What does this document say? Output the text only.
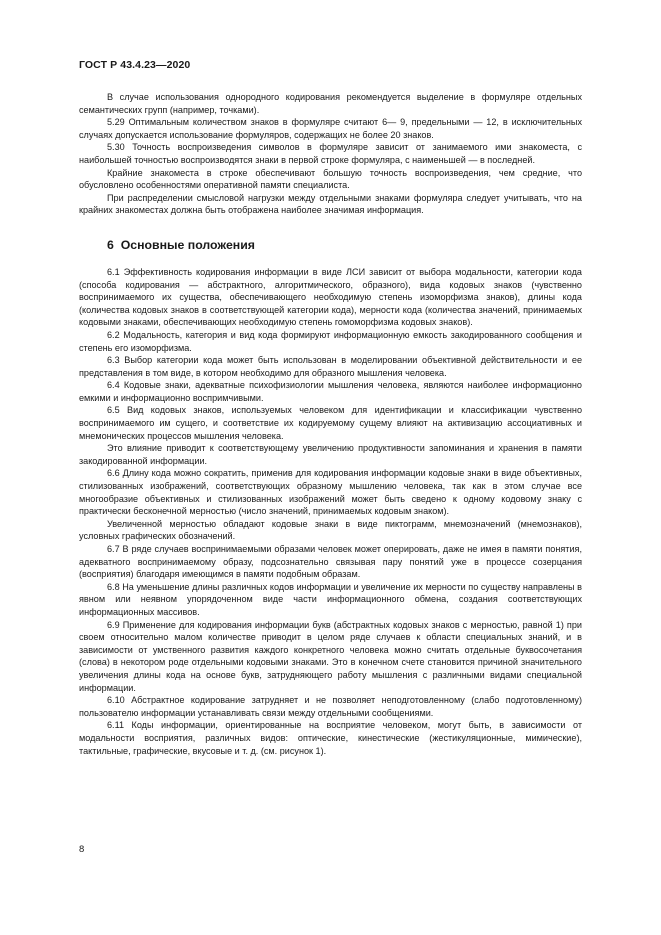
ГОСТ Р 43.4.23—2020

В случае использования однородного кодирования рекомендуется выделение в формуляре отдельных семантических групп (например, точками).

5.29 Оптимальным количеством знаков в формуляре считают 6— 9, предельными — 12, в исключительных случаях допускается использование формуляров, содержащих не более 20 знаков.

5.30 Точность воспроизведения символов в формуляре зависит от занимаемого ими знакоместа, с наибольшей точностью воспроизводятся знаки в первой строке формуляра, с наименьшей — в последней.

Крайние знакоместа в строке обеспечивают большую точность воспроизведения, чем средние, что обусловлено особенностями оперативной памяти специалиста.

При распределении смысловой нагрузки между отдельными знаками формуляра следует учитывать, что на крайних знакоместах должна быть отображена наиболее значимая информация.

6 Основные положения

6.1 Эффективность кодирования информации в виде ЛСИ зависит от выбора модальности, категории кода (способа кодирования — абстрактного, алгоритмического, образного), вида кодовых знаков (чувственно воспринимаемого их существа, обеспечивающего необходимую степень изоморфизма знаков), длины кода (количества кодовых знаков в соответствующей категории кода), мерности кода (количества значений, принимаемых кодовыми знаками, обеспечивающих необходимую степень гомоморфизма кодовых знаков).

6.2 Модальность, категория и вид кода формируют информационную емкость закодированного сообщения и степень его изоморфизма.

6.3 Выбор категории кода может быть использован в моделировании объективной действительности и ее представления в том виде, в котором необходимо для образного мышления человека.

6.4 Кодовые знаки, адекватные психофизиологии мышления человека, являются наиболее информационно емкими и информационно воспримчивыми.

6.5 Вид кодовых знаков, используемых человеком для идентификации и классификации чувственно воспринимаемого им сущего, и соответствие их кодируемому сущему влияют на активизацию ассоциативных и мнемонических процессов мышления человека.

Это влияние приводит к соответствующему увеличению продуктивности запоминания и хранения в памяти закодированной информации.

6.6 Длину кода можно сократить, применив для кодирования информации кодовые знаки в виде объективных, стилизованных изображений, соответствующих образному мышлению человека, так как в этом случае все многообразие объективных и стилизованных изображений может быть сведено к одному кодовому знаку с практически бесконечной мерностью (число значений, принимаемых кодовым знаком).

Увеличенной мерностью обладают кодовые знаки в виде пиктограмм, мнемозначений (мнемознаков), условных графических обозначений.

6.7 В ряде случаев воспринимаемыми образами человек может оперировать, даже не имея в памяти понятия, адекватного воспринимаемому образу, подсознательно связывая пару понятий уже в процессе созерцания (восприятия) благодаря имеющимся в памяти подобным образам.

6.8 На уменьшение длины различных кодов информации и увеличение их мерности по существу направлены в явном или неявном упорядоченном виде части информационного обмена, создания соответствующих информационных массивов.

6.9 Применение для кодирования информации букв (абстрактных кодовых знаков с мерностью, равной 1) при своем относительно малом количестве приводит в целом ряде случаев к области специальных знаний, и в зависимости от умственного развития каждого конкретного человека можно считать отдельные буквосочетания (слова) в некотором роде отдельными кодовыми знаками. Это в конечном счете становится причиной значительного увеличения длины кода на основе букв, затрудняющего работу мышления с различными видами специальной информации.

6.10 Абстрактное кодирование затрудняет и не позволяет неподготовленному (слабо подготовленному) пользователю информации устанавливать связи между отдельными сообщениями.

6.11 Коды информации, ориентированные на восприятие человеком, могут быть, в зависимости от модальности восприятия, различных видов: оптические, кинестические (жестикуляционные, мимические), тактильные, графические, вкусовые и т. д. (см. рисунок 1).

8
